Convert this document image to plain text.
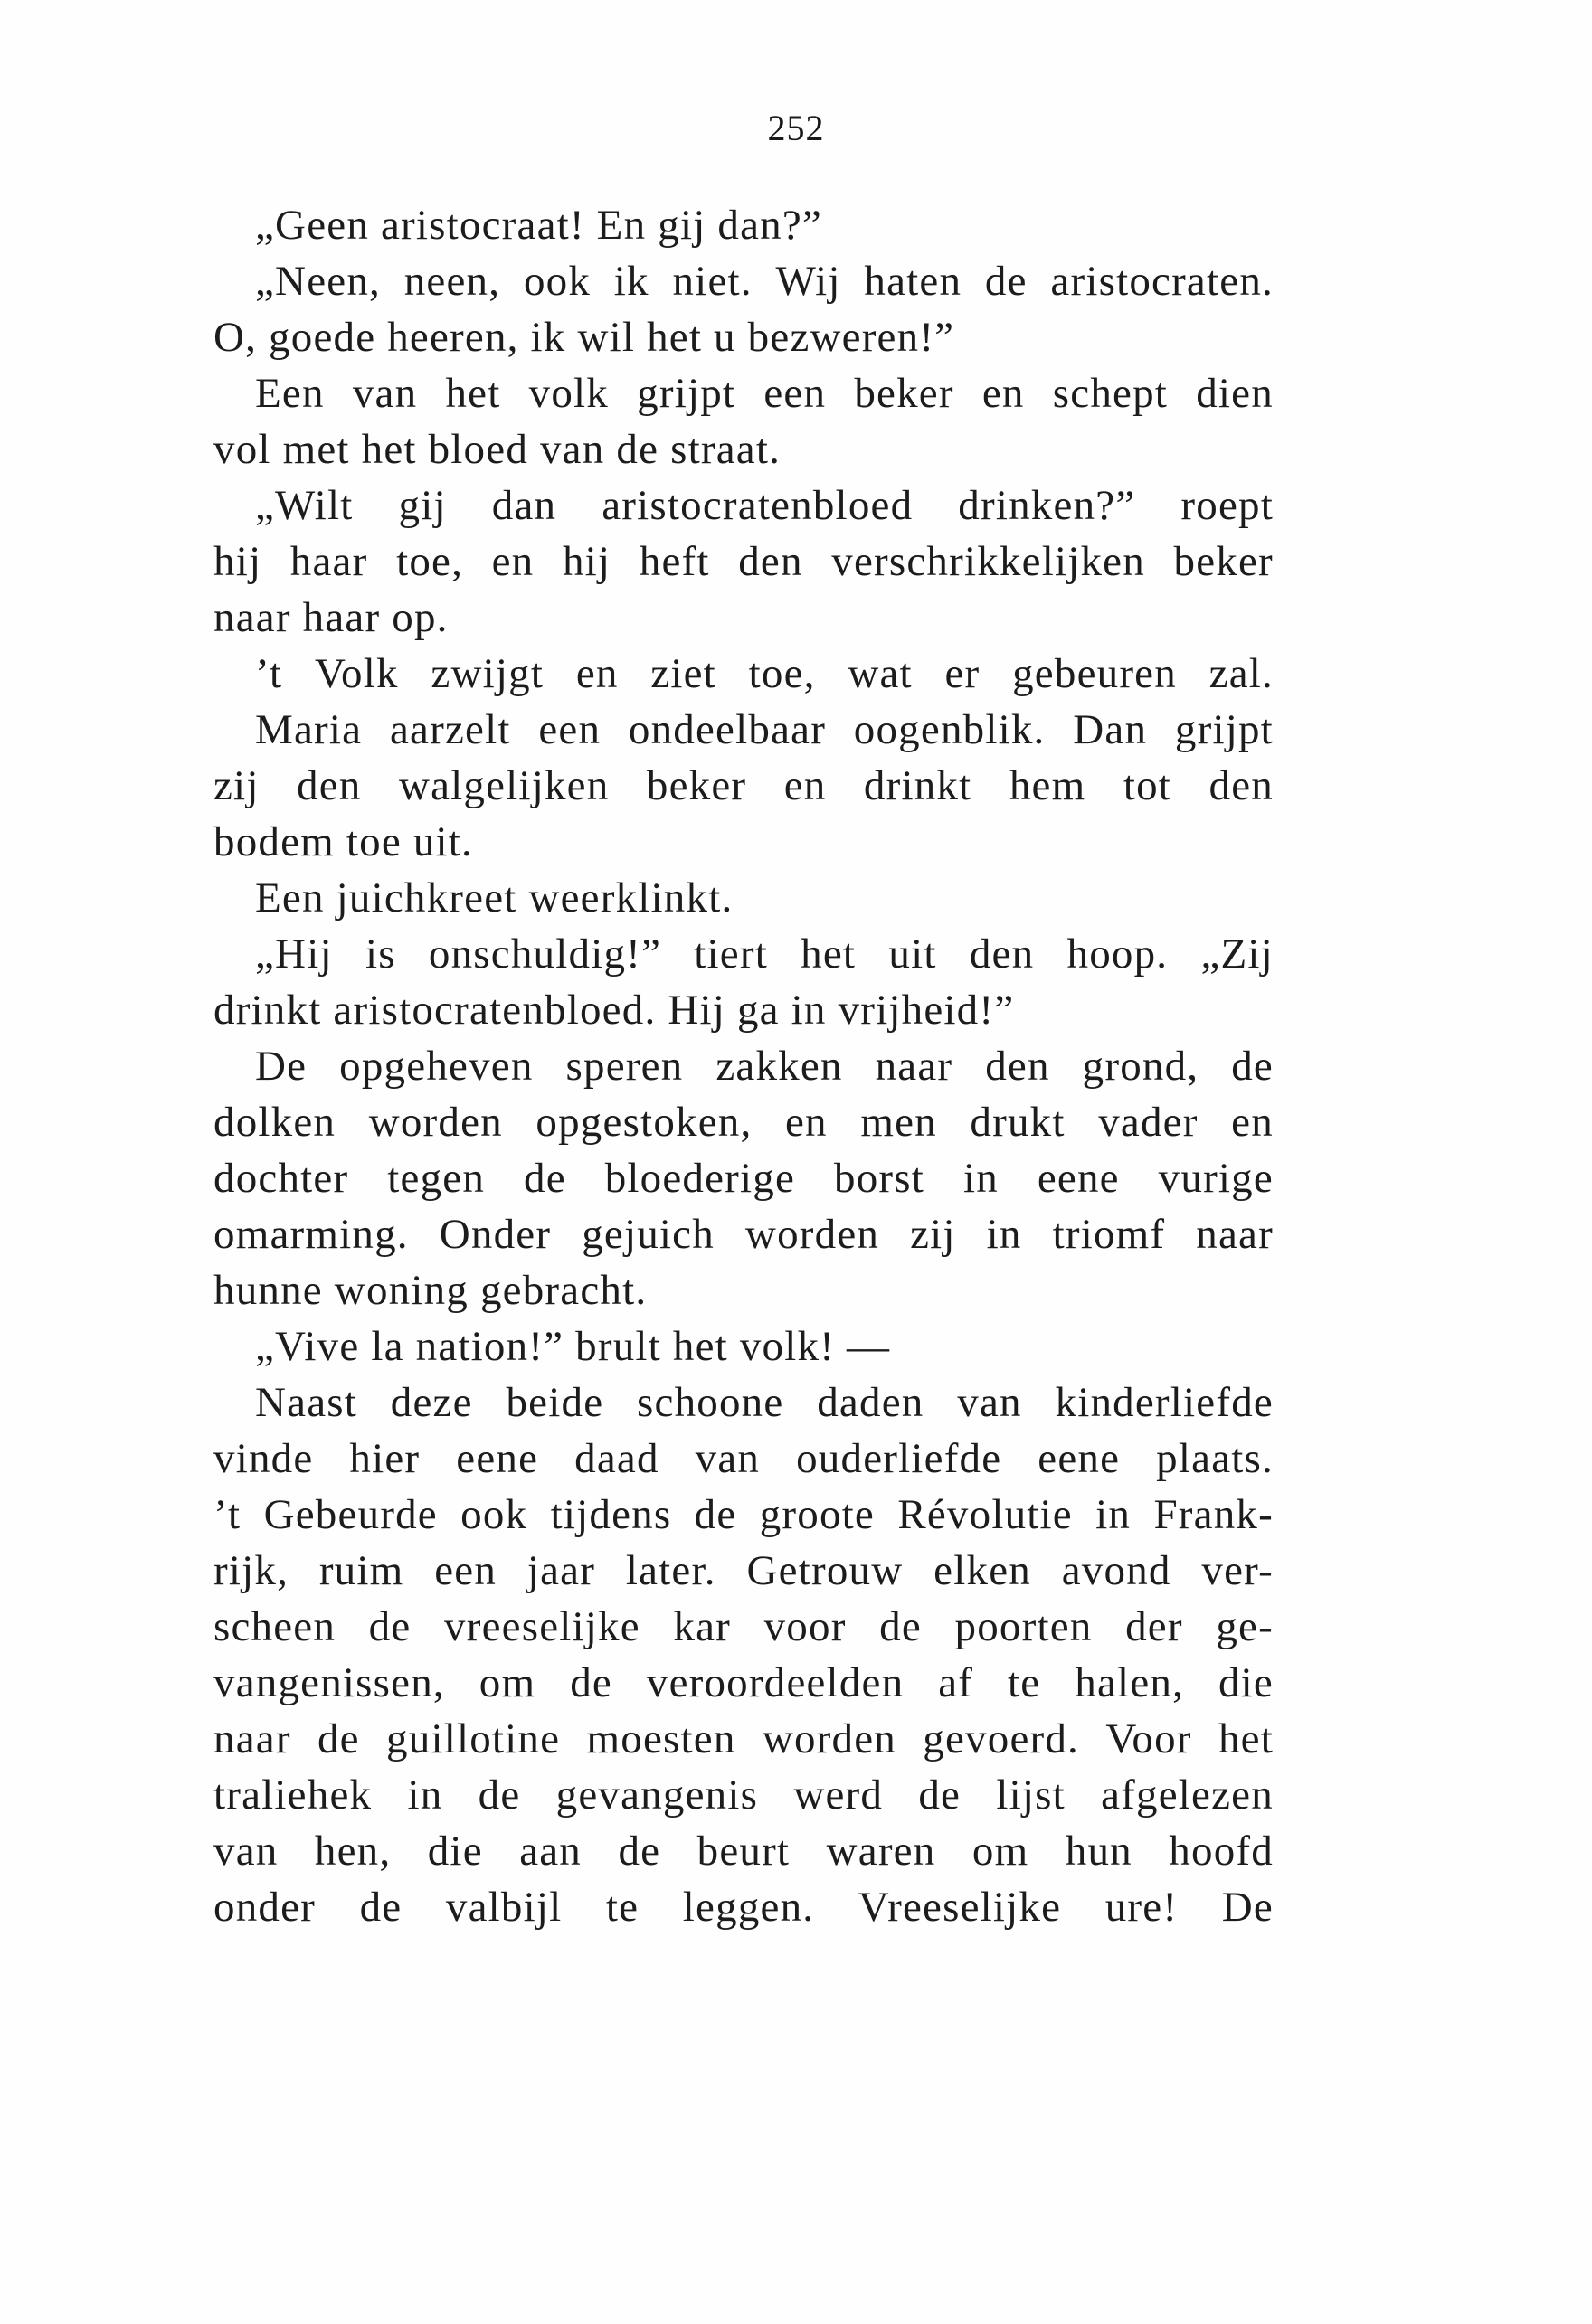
252
„Geen aristocraat! En gij dan?”
„Neen, neen, ook ik niet. Wij haten de aristocraten.
O, goede heeren, ik wil het u bezweren!”
Een van het volk grijpt een beker en schept dien
vol met het bloed van de straat.
„Wilt gij dan aristocratenbloed drinken?” roept
hij haar toe, en hij heft den verschrikkelijken beker
naar haar op.
’t Volk zwijgt en ziet toe, wat er gebeuren zal.
Maria aarzelt een ondeelbaar oogenblik. Dan grijpt
zij den walgelijken beker en drinkt hem tot den
bodem toe uit.
Een juichkreet weerklinkt.
„Hij is onschuldig!” tiert het uit den hoop. „Zij
drinkt aristocratenbloed. Hij ga in vrijheid!”
De opgeheven speren zakken naar den grond, de
dolken worden opgestoken, en men drukt vader en
dochter tegen de bloederige borst in eene vurige
omarming. Onder gejuich worden zij in triomf naar
hunne woning gebracht.
„Vive la nation!” brult het volk! —
Naast deze beide schoone daden van kinderliefde
vinde hier eene daad van ouderliefde eene plaats.
’t Gebeurde ook tijdens de groote Révolutie in Frank-
rijk, ruim een jaar later. Getrouw elken avond ver-
scheen de vreeselijke kar voor de poorten der ge-
vangenissen, om de veroordeelden af te halen, die
naar de guillotine moesten worden gevoerd. Voor het
traliehek in de gevangenis werd de lijst afgelezen
van hen, die aan de beurt waren om hun hoofd
onder de valbijl te leggen. Vreeselijke ure! De
